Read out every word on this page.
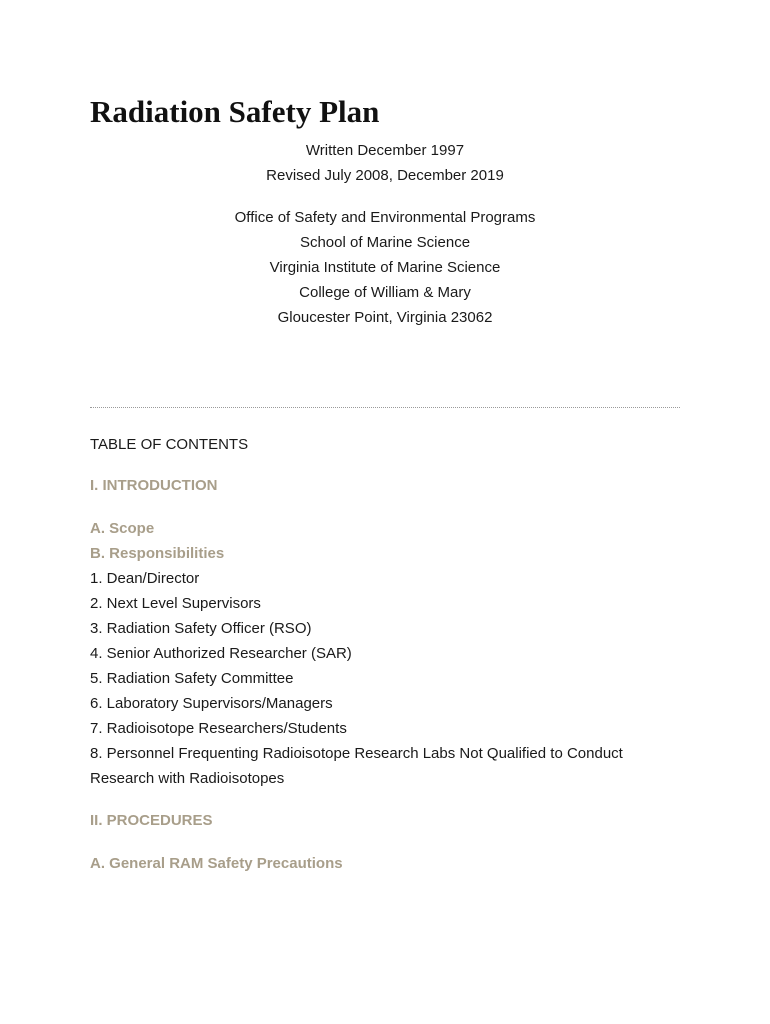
Radiation Safety Plan
Written December 1997
Revised July 2008, December 2019
Office of Safety and Environmental Programs
School of Marine Science
Virginia Institute of Marine Science
College of William & Mary
Gloucester Point, Virginia 23062
TABLE OF CONTENTS
I. INTRODUCTION
A. Scope
B. Responsibilities

1. Dean/Director

2. Next Level Supervisors

3. Radiation Safety Officer (RSO)

4. Senior Authorized Researcher (SAR)

5. Radiation Safety Committee

6. Laboratory Supervisors/Managers

7. Radioisotope Researchers/Students

8. Personnel Frequenting Radioisotope Research Labs Not Qualified to Conduct Research with Radioisotopes

II. PROCEDURES
A. General RAM Safety Precautions
